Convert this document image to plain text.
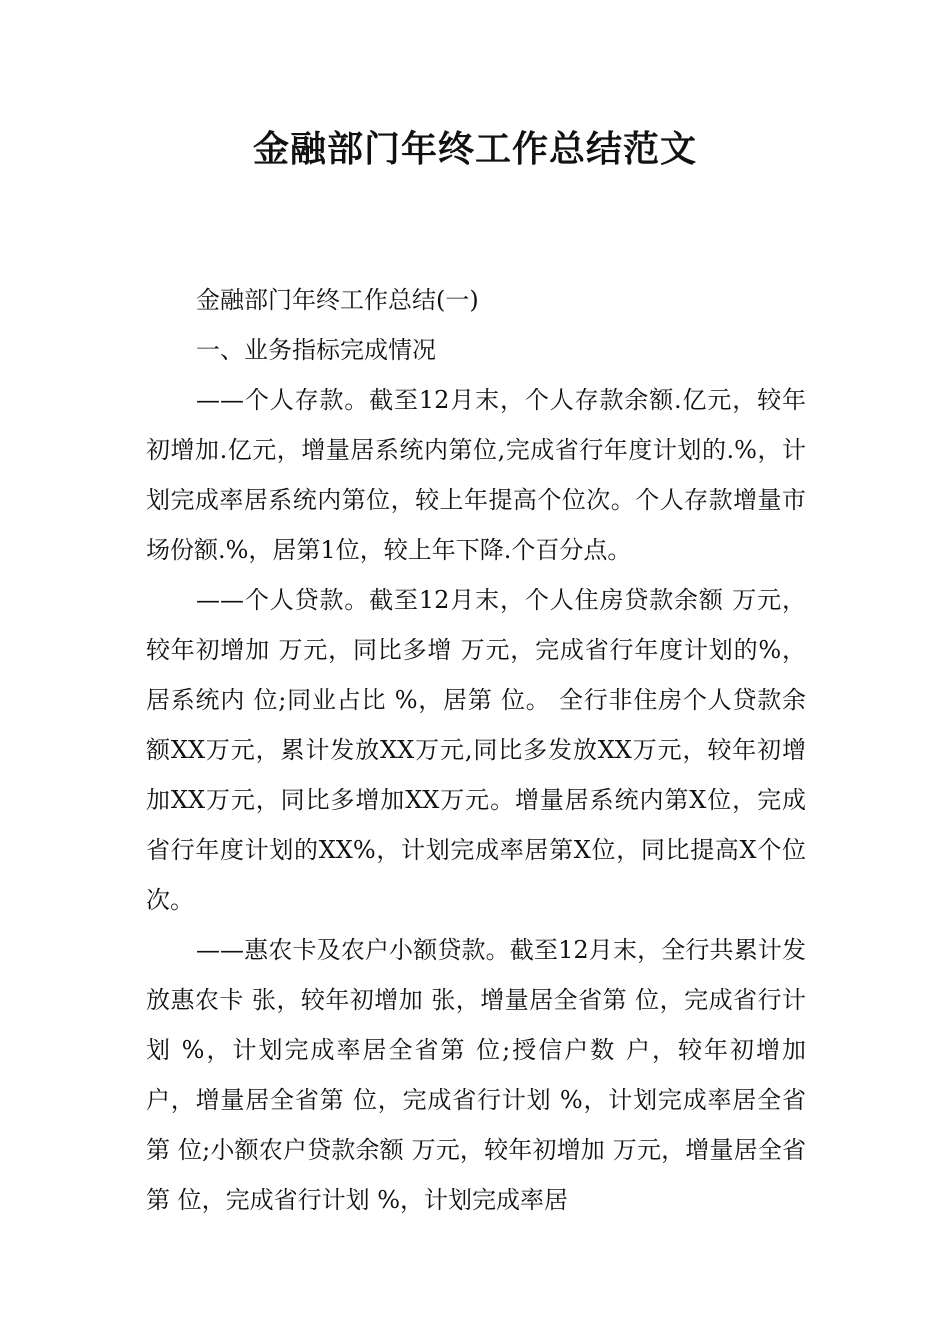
金融部门年终工作总结范文

金融部门年终工作总结(一)

一、业务指标完成情况

——个人存款。截至12月末，个人存款余额.亿元，较年初增加.亿元，增量居系统内第位,完成省行年度计划的.%，计划完成率居系统内第位，较上年提高个位次。个人存款增量市场份额.%，居第1位，较上年下降.个百分点。

——个人贷款。截至12月末，个人住房贷款余额 万元，较年初增加 万元，同比多增 万元，完成省行年度计划的%，居系统内 位;同业占比 %，居第 位。 全行非住房个人贷款余额XX万元，累计发放XX万元,同比多发放XX万元，较年初增加XX万元，同比多增加XX万元。增量居系统内第X位，完成省行年度计划的XX%，计划完成率居第X位，同比提高X个位次。

——惠农卡及农户小额贷款。截至12月末，全行共累计发放惠农卡 张，较年初增加 张，增量居全省第 位，完成省行计划 %，计划完成率居全省第 位;授信户数 户，较年初增加 户，增量居全省第 位，完成省行计划 %，计划完成率居全省第 位;小额农户贷款余额 万元，较年初增加 万元，增量居全省第 位，完成省行计划 %，计划完成率居
